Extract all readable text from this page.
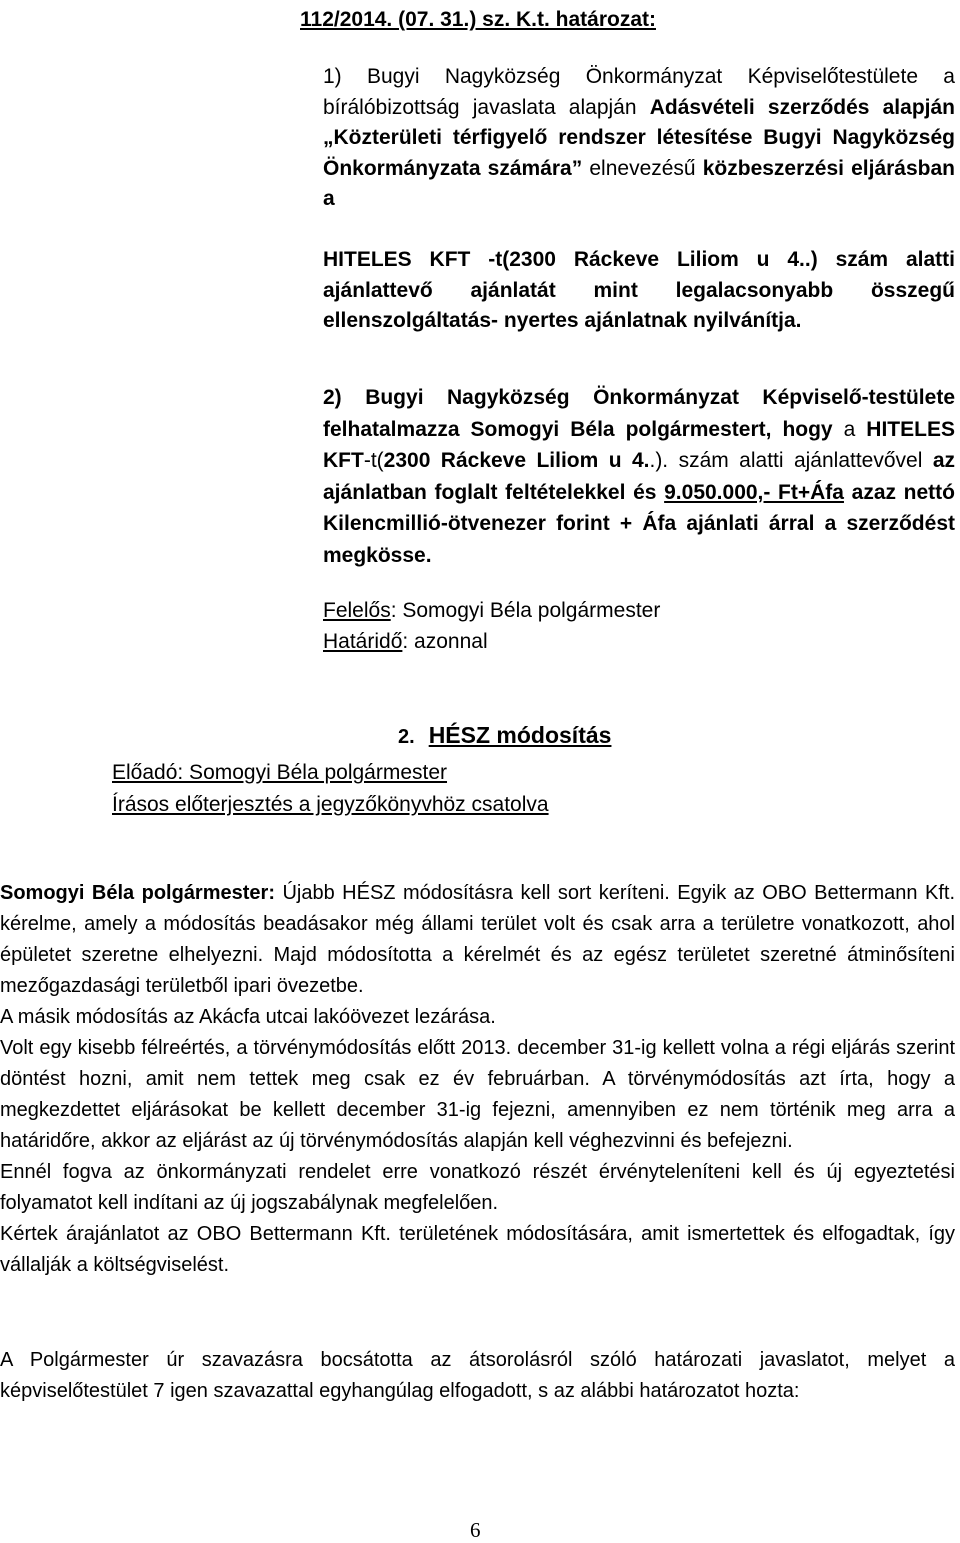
112/2014. (07. 31.) sz. K.t. határozat:
1) Bugyi Nagyközség Önkormányzat Képviselőtestülete a bírálóbizottság javaslata alapján Adásvételi szerződés alapján „Közterületi térfigyelő rendszer létesítése Bugyi Nagyközség Önkormányzata számára” elnevezésű közbeszerzési eljárásban a
HITELES KFT -t(2300 Ráckeve Liliom u 4..) szám alatti ajánlattevő ajánlatát mint legalacsonyabb összegű ellenszolgáltatás- nyertes ajánlatnak nyilvánítja.
2) Bugyi Nagyközség Önkormányzat Képviselő-testülete felhatalmazza Somogyi Béla polgármestert, hogy a HITELES KFT-t(2300 Ráckeve Liliom u 4..). szám alatti ajánlattevővel az ajánlatban foglalt feltételekkel és 9.050.000,- Ft+Áfa azaz nettó Kilencmillió-ötvenezer forint + Áfa ajánlati árral a szerződést megkösse.
Felelős: Somogyi Béla polgármester
Határidő: azonnal
2. HÉSZ módosítás
Előadó: Somogyi Béla polgármester
Írásos előterjesztés a jegyzőkönyvhöz csatolva

Somogyi Béla polgármester: Újabb HÉSZ módosításra kell sort keríteni. Egyik az OBO Bettermann Kft. kérelme, amely a módosítás beadásakor még állami terület volt és csak arra a területre vonatkozott, ahol épületet szeretne elhelyezni. Majd módosította a kérelmét és az egész területet szeretné átminősíteni mezőgazdasági területből ipari övezetbe.

A másik módosítás az Akácfa utcai lakóövezet lezárása.

Volt egy kisebb félreértés, a törvénymódosítás előtt 2013. december 31-ig kellett volna a régi eljárás szerint döntést hozni, amit nem tettek meg csak ez év februárban. A törvénymódosítás azt írta, hogy a megkezdettet eljárásokat be kellett december 31-ig fejezni, amennyiben ez nem történik meg arra a határidőre, akkor az eljárást az új törvénymódosítás alapján kell véghezvinni és befejezni.

Ennél fogva az önkormányzati rendelet erre vonatkozó részét érvényteleníteni kell és új egyeztetési folyamatot kell indítani az új jogszabálynak megfelelően.

Kértek árajánlatot az OBO Bettermann Kft. területének módosítására, amit ismertettek és elfogadtak, így vállalják a költségviselést.

A Polgármester úr szavazásra bocsátotta az átsorolásról szóló határozati javaslatot, melyet a képviselőtestület 7 igen szavazattal egyhangúlag elfogadott, s az alábbi határozatot hozta:
6
